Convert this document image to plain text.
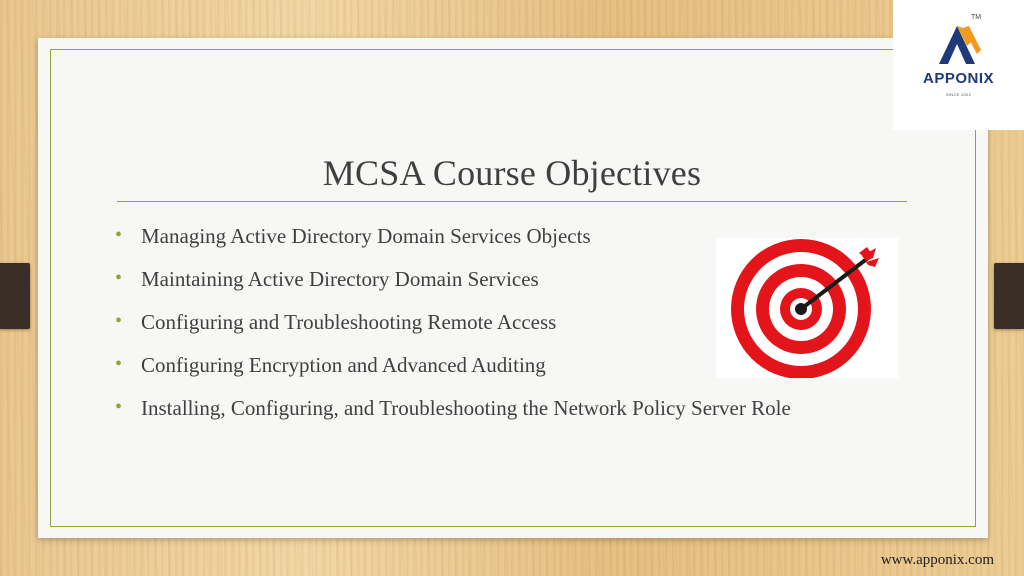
MCSA Course Objectives
• Managing Active Directory Domain Services Objects
• Maintaining Active Directory Domain Services
• Configuring and Troubleshooting Remote Access
• Configuring Encryption and Advanced Auditing
• Installing, Configuring, and Troubleshooting the Network Policy Server Role
TM
APPONIX
SINCE 2002
www.apponix.com
